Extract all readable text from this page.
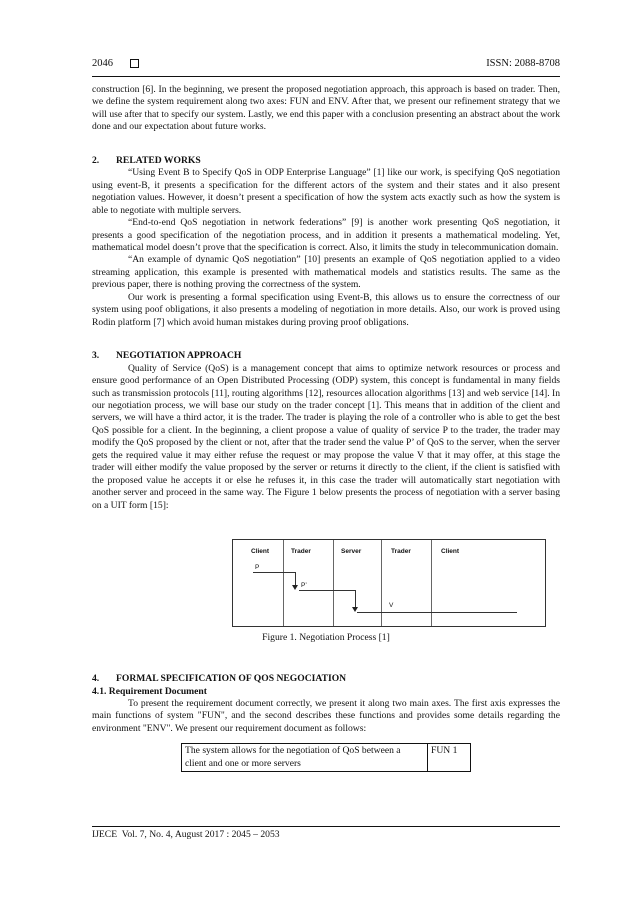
2046	ISSN: 2088-8708

construction [6]. In the beginning, we present the proposed negotiation approach, this approach is based on trader. Then, we define the system requirement along two axes: FUN and ENV. After that, we present our refinement strategy that we will use after that to specify our system. Lastly, we end this paper with a conclusion presenting an abstract about the work done and our expectation about future works.

2. RELATED WORKS

“Using Event B to Specify QoS in ODP Enterprise Language” [1] like our work, is specifying QoS negotiation using event-B, it presents a specification for the different actors of the system and their states and it also present negotiation values. However, it doesn’t present a specification of how the system acts exactly such as how the system is able to negotiate with multiple servers.

“End-to-end QoS negotiation in network federations” [9] is another work presenting QoS negotiation, it presents a good specification of the negotiation process, and in addition it presents a mathematical modeling. Yet, mathematical model doesn’t prove that the specification is correct. Also, it limits the study in telecommunication domain.

“An example of dynamic QoS negotiation” [10] presents an example of QoS negotiation applied to a video streaming application, this example is presented with mathematical models and statistics results. The same as the previous paper, there is nothing proving the correctness of the system.

Our work is presenting a formal specification using Event-B, this allows us to ensure the correctness of our system using poof obligations, it also presents a modeling of negotiation in more details. Also, our work is proved using Rodin platform [7] which avoid human mistakes during proving proof obligations.

3. NEGOTIATION APPROACH

Quality of Service (QoS) is a management concept that aims to optimize network resources or process and ensure good performance of an Open Distributed Processing (ODP) system, this concept is fundamental in many fields such as transmission protocols [11], routing algorithms [12], resources allocation algorithms [13] and web service [14]. In our negotiation process, we will base our study on the trader concept [1]. This means that in addition of the client and servers, we will have a third actor, it is the trader. The trader is playing the role of a controller who is able to get the best QoS possible for a client. In the beginning, a client propose a value of quality of service P to the trader, the trader may modify the QoS proposed by the client or not, after that the trader send the value P’ of QoS to the server, when the server gets the required value it may either refuse the request or may propose the value V that it may offer, at this stage the trader will either modify the value proposed by the server or returns it directly to the client, if the client is satisfied with the proposed value he accepts it or else he refuses it, in this case the trader will automatically start negotiation with another server and proceed in the same way. The Figure 1 below presents the process of negotiation with a server basing on a UIT form [15]:

Client	Trader	Server	Trader	Client
P
P’
V
Figure 1. Negotiation Process [1]
4. FORMAL SPECIFICATION OF QOS NEGOCIATION
4.1. Requirement Document

To present the requirement document correctly, we present it along two main axes. The first axis expresses the main functions of system "FUN", and the second describes these functions and provides some details regarding the environment "ENV". We present our requirement document as follows:

The system allows for the negotiation of QoS between a client and one or more servers	FUN 1
IJECE Vol. 7, No. 4, August 2017 : 2045 – 2053
